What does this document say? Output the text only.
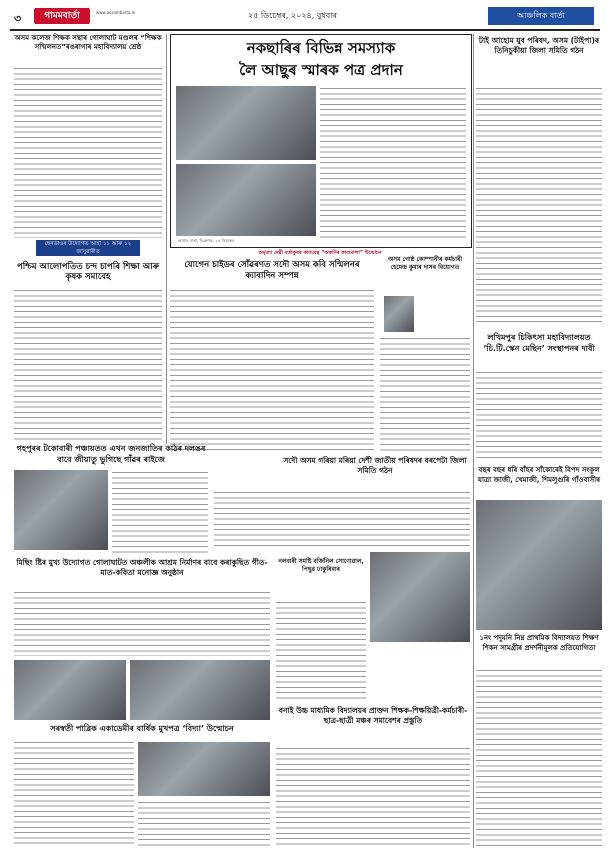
৩	গামমবাৰ্তা	www.assambarta.in	২৫ ডিচেম্বৰ, ২০২৪, বুধবাৰ	আঞ্চলিক বাৰ্তা
অসম কলেজ শিক্ষক সন্থাৰ গোলাঘাট মণ্ডলৰ “শিক্ষক সন্মিলনত”ৰঙৰাগাৰ মহাবিদ্যালয় শ্ৰেষ্ঠ
ছেনডাওৰ উদ্যোগত আহা ১১ আৰু ১২ জানুৱাৰীত
পশ্চিম আলোপতিত চন্দ চাপৰি শিক্ষা আৰু কৃষক সমাবেহ
নকছাৰিৰ বিভিন্ন সমস্যাক
লৈ আছুৰ স্মাৰক পত্ৰ প্ৰদান
আমাৰ বাৰ্তা, ডিব্ৰুগড়, ২৫ ডিচেম্বৰ
টাই আহোম যুব পৰিষদ, অসম (টাইপা)ৰ তিনিচুকীয়া জিলা সমিতি গঠন
অমৃত্যা দেৱী বৰ্তাকুৰৰ কাব্যগ্ৰন্থ “অকণিৰ কাব্যমালা” উন্মোচন
যোগেন চাইডৰ সোঁৱৰণত সদৌ অসম কবি সন্মিলনৰ ক্যাবাদিন সম্পন্ন
অসম গোষ্ঠ কোম্পানীৰ কৰ্মচাৰী হেমেন্দ্ৰ কুমাৰ দাসৰ বিয়োগত
লখিমপুৰ চিকিৎসা মহাবিদ্যালয়ত ‘চি.টি.স্কেন মেছিন’ সংস্থাপনৰ দাবী
গহপুৰৰ টকোবাৰী পঞ্চায়তত এখন জনজাতিৰ কাঠৰ দলঙৰ বাবে জীয়াতু ভুগিছে গাঁৱৰ ৰাইজে	সদৌ অসম গৰিয়া মৰিয়া দেশী জাতীয় পৰিষদৰ বৰপেটা জিলা সমিতি গঠন	বছৰ বছৰ ধৰি বাঁহৰ সাঁকোৰেই বিপদ সংকুল যাত্ৰা জাজী, খেমাজী, শিমলুগুৰি গাঁওবাসীৰ
মিছিং ষ্টিৰ মুখ্য উদ্যোগত গোলাঘাটত অঞ্চলীক আশ্ৰম নিৰ্মাণৰ বাবে কৰাকুছিত গীত-মাত-কবিতা মনোজ্ঞ অনুষ্ঠান
নলবাৰী সমষ্টি বৰ্জিনিল সোণোৱাল, পিছুৱ ঢাকুৰিবাৰ
১নং পদুমনি নিম্ন প্ৰাথমিক বিদ্যালয়ত শিক্ষণ শিকন সামগ্ৰীৰ প্ৰদৰ্শনীমূলক প্ৰতিযোগিতা
সৰস্বতী পাব্লিক একাডেমীৰ বাৰ্ষিক মুখপত্ৰ ‘বিদ্যা’ উন্মোচন
বনাই উচ্চ মাধ্যমিক বিদ্যালয়ৰ প্ৰাক্তন শিক্ষক-শিক্ষয়িত্ৰী-কৰ্মচাৰী-ছাত্ৰ-ছাত্ৰী মঞ্চৰ সমাবেশৰ প্ৰস্তুতি
